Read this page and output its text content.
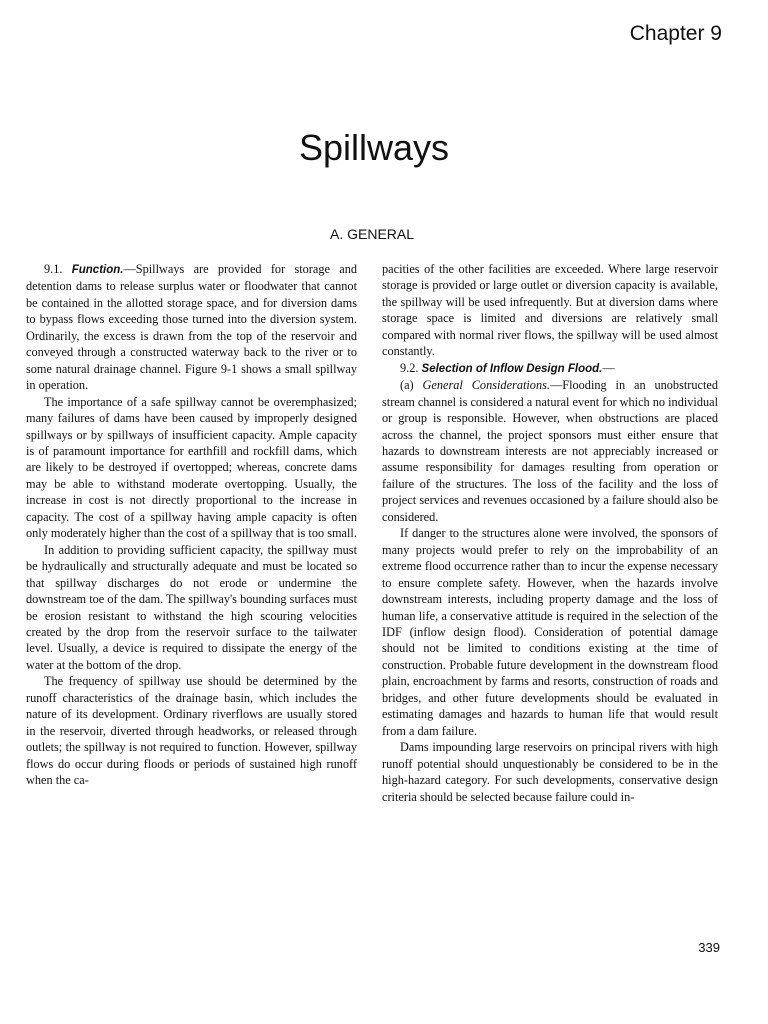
Chapter 9
Spillways
A. GENERAL

9.1. Function.—Spillways are provided for storage and detention dams to release surplus water or floodwater that cannot be contained in the allotted storage space, and for diversion dams to bypass flows exceeding those turned into the diversion system. Ordinarily, the excess is drawn from the top of the reservoir and conveyed through a constructed waterway back to the river or to some natural drainage channel. Figure 9-1 shows a small spillway in operation.

The importance of a safe spillway cannot be overemphasized; many failures of dams have been caused by improperly designed spillways or by spillways of insufficient capacity. Ample capacity is of paramount importance for earthfill and rockfill dams, which are likely to be destroyed if overtopped; whereas, concrete dams may be able to withstand moderate overtopping. Usually, the increase in cost is not directly proportional to the increase in capacity. The cost of a spillway having ample capacity is often only moderately higher than the cost of a spillway that is too small.

In addition to providing sufficient capacity, the spillway must be hydraulically and structurally adequate and must be located so that spillway discharges do not erode or undermine the downstream toe of the dam. The spillway's bounding surfaces must be erosion resistant to withstand the high scouring velocities created by the drop from the reservoir surface to the tailwater level. Usually, a device is required to dissipate the energy of the water at the bottom of the drop.

The frequency of spillway use should be determined by the runoff characteristics of the drainage basin, which includes the nature of its development. Ordinary riverflows are usually stored in the reservoir, diverted through headworks, or released through outlets; the spillway is not required to function. However, spillway flows do occur during floods or periods of sustained high runoff when the ca-

pacities of the other facilities are exceeded. Where large reservoir storage is provided or large outlet or diversion capacity is available, the spillway will be used infrequently. But at diversion dams where storage space is limited and diversions are relatively small compared with normal river flows, the spillway will be used almost constantly.

9.2. Selection of Inflow Design Flood.—

(a) General Considerations.—Flooding in an unobstructed stream channel is considered a natural event for which no individual or group is responsible. However, when obstructions are placed across the channel, the project sponsors must either ensure that hazards to downstream interests are not appreciably increased or assume responsibility for damages resulting from operation or failure of the structures. The loss of the facility and the loss of project services and revenues occasioned by a failure should also be considered.

If danger to the structures alone were involved, the sponsors of many projects would prefer to rely on the improbability of an extreme flood occurrence rather than to incur the expense necessary to ensure complete safety. However, when the hazards involve downstream interests, including property damage and the loss of human life, a conservative attitude is required in the selection of the IDF (inflow design flood). Consideration of potential damage should not be limited to conditions existing at the time of construction. Probable future development in the downstream flood plain, encroachment by farms and resorts, construction of roads and bridges, and other future developments should be evaluated in estimating damages and hazards to human life that would result from a dam failure.

Dams impounding large reservoirs on principal rivers with high runoff potential should unquestionably be considered to be in the high-hazard category. For such developments, conservative design criteria should be selected because failure could in-

339
